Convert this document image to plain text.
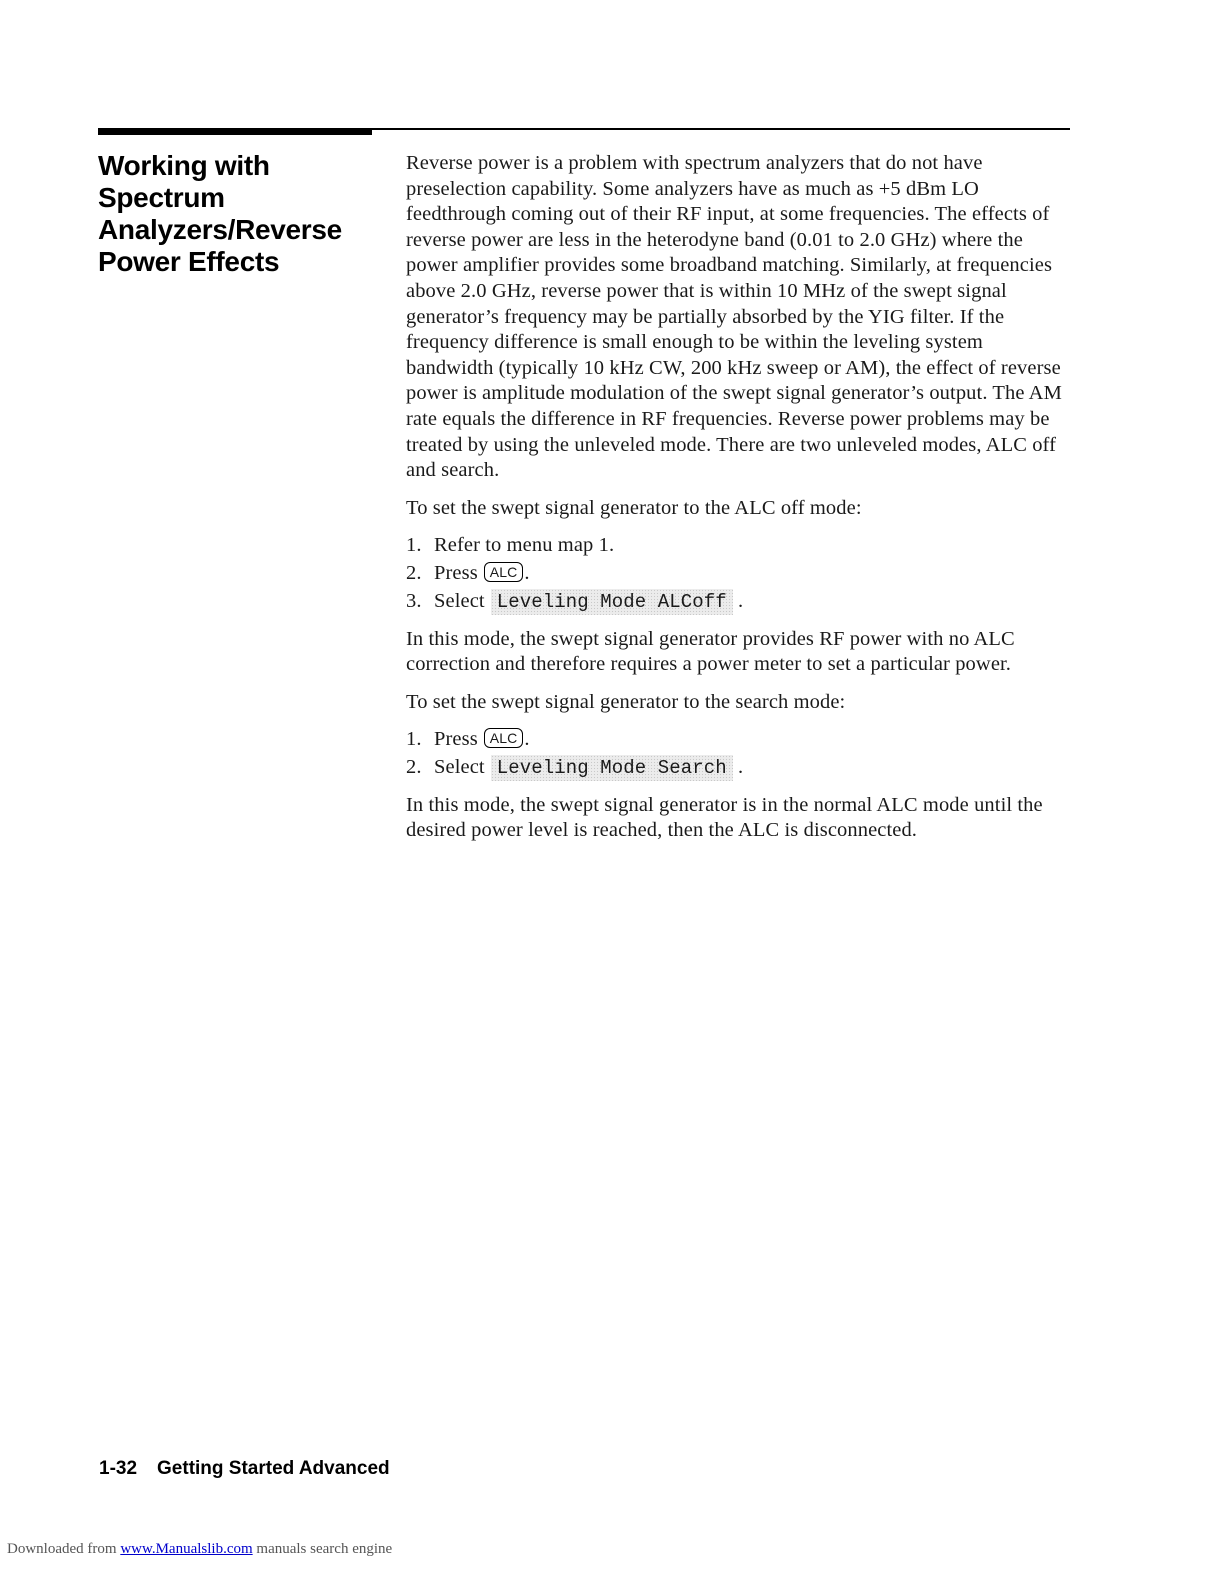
Working with Spectrum Analyzers/Reverse Power Effects

Reverse power is a problem with spectrum analyzers that do not have preselection capability. Some analyzers have as much as +5 dBm LO feedthrough coming out of their RF input, at some frequencies. The effects of reverse power are less in the heterodyne band (0.01 to 2.0 GHz) where the power amplifier provides some broadband matching. Similarly, at frequencies above 2.0 GHz, reverse power that is within 10 MHz of the swept signal generator’s frequency may be partially absorbed by the YIG filter. If the frequency difference is small enough to be within the leveling system bandwidth (typically 10 kHz CW, 200 kHz sweep or AM), the effect of reverse power is amplitude modulation of the swept signal generator’s output. The AM rate equals the difference in RF frequencies. Reverse power problems may be treated by using the unleveled mode. There are two unleveled modes, ALC off and search.

To set the swept signal generator to the ALC off mode:

1. Refer to menu map 1.
2. Press ALC .
3. Select Leveling Mode ALCoff
.

In this mode, the swept signal generator provides RF power with no ALC correction and therefore requires a power meter to set a particular power.

To set the swept signal generator to the search mode:

1. Press ALC .
2. Select Leveling Mode Search
.

In this mode, the swept signal generator is in the normal ALC mode until the desired power level is reached, then the ALC is disconnected.

1-32 Getting Started Advanced
Downloaded from www.Manualslib.com manuals search engine
